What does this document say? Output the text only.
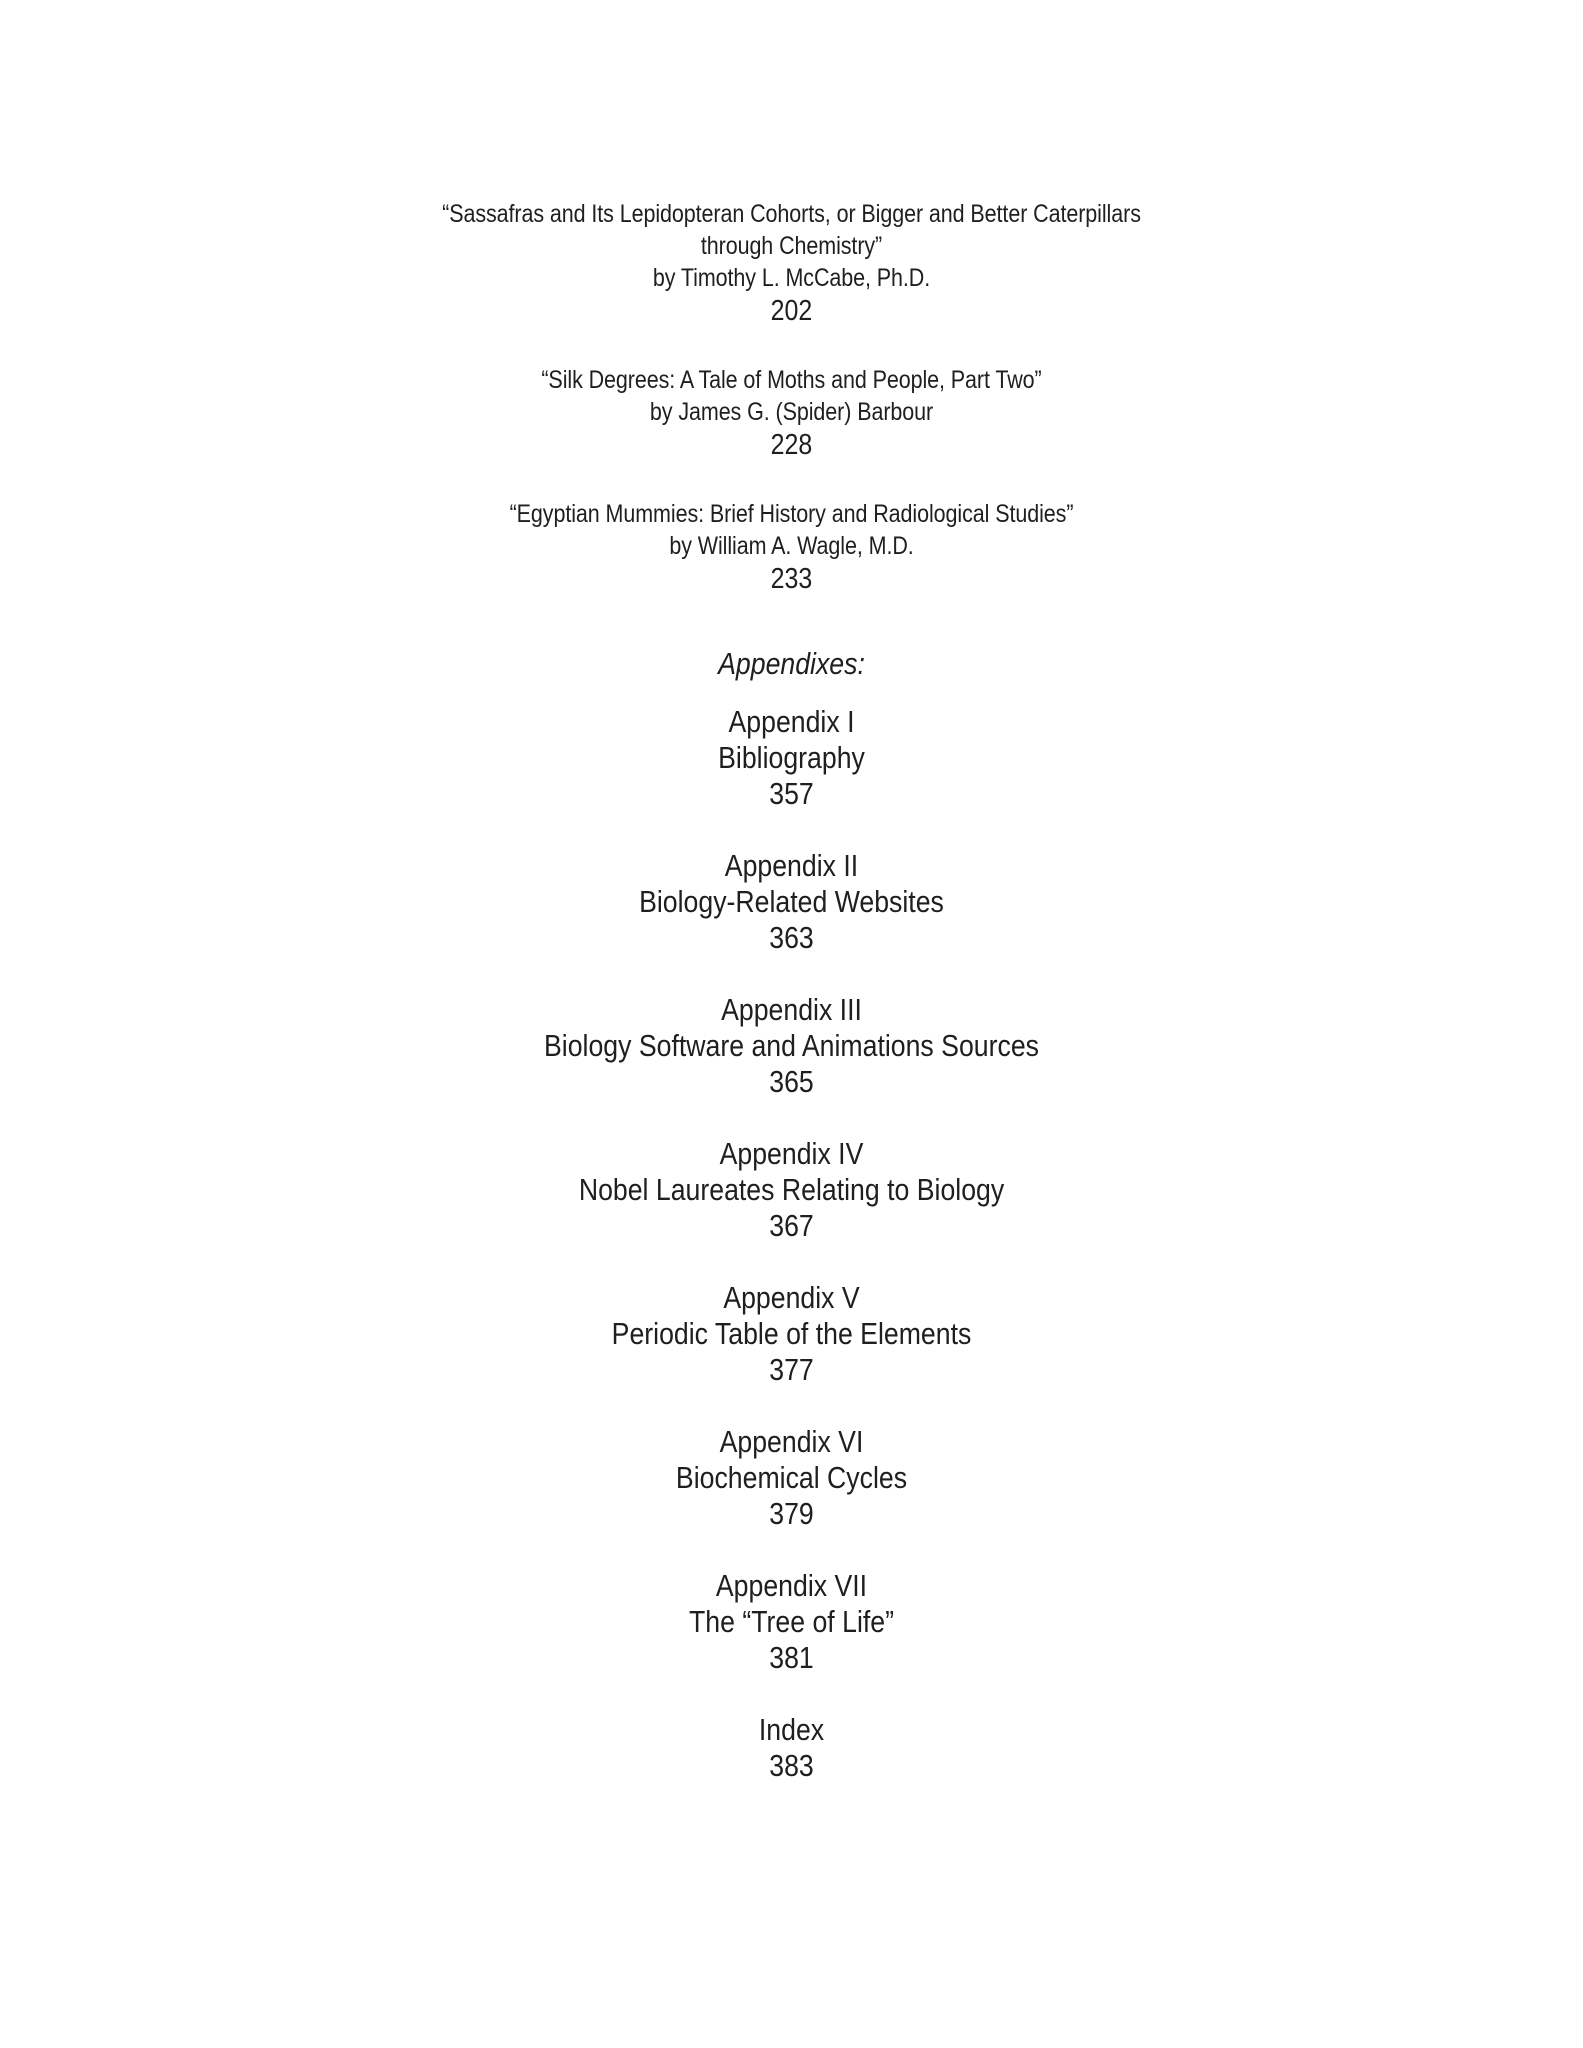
“Sassafras and Its Lepidopteran Cohorts, or Bigger and Better Caterpillars
through Chemistry”
by Timothy L. McCabe, Ph.D.
202
“Silk Degrees: A Tale of Moths and People, Part Two”
by James G. (Spider) Barbour
228
“Egyptian Mummies: Brief History and Radiological Studies”
by William A. Wagle, M.D.
233
Appendixes:
Appendix I
Bibliography
357
Appendix II
Biology-Related Websites
363
Appendix III
Biology Software and Animations Sources
365
Appendix IV
Nobel Laureates Relating to Biology
367
Appendix V
Periodic Table of the Elements
377
Appendix VI
Biochemical Cycles
379
Appendix VII
The “Tree of Life”
381
Index
383
